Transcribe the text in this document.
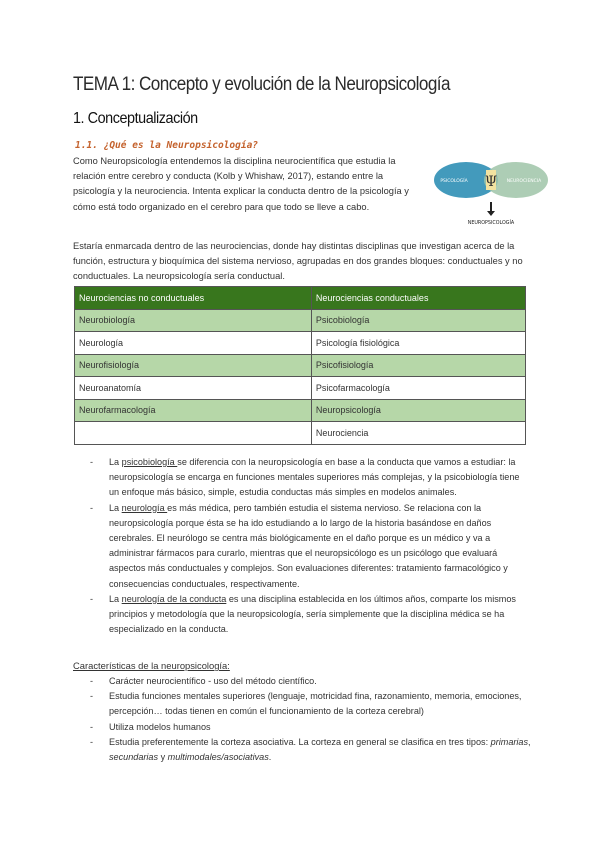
TEMA 1: Concepto y evolución de la Neuropsicología
1. Conceptualización
1.1. ¿Qué es la Neuropsicología?

Como Neuropsicología entendemos la disciplina neurocientífica que estudia la relación entre cerebro y conducta (Kolb y Whishaw, 2017), estando entre la psicología y la neurociencia. Intenta explicar la conducta dentro de la psicología y cómo está todo organizado en el cerebro para que todo se lleve a cabo.

Ψ
PSICOLOGÍA	NEUROCIENCIA
NEUROPSICOLOGÍA

Estaría enmarcada dentro de las neurociencias, donde hay distintas disciplinas que investigan acerca de la función, estructura y bioquímica del sistema nervioso, agrupadas en dos grandes bloques: conductuales y no conductuales. La neuropsicología sería conductual.

Neurociencias no conductuales	Neurociencias conductuales
Neurobiología	Psicobiología
Neurología	Psicología fisiológica
Neurofisiología	Psicofisiología
Neuroanatomía	Psicofarmacología
Neurofarmacología	Neuropsicología
	Neurociencia
- La psicobiología se diferencia con la neuropsicología en base a la conducta que vamos a estudiar: la neuropsicología se encarga en funciones mentales superiores más complejas, y la psicobiología tiene un enfoque más básico, simple, estudia conductas más simples en modelos animales.
- La neurología es más médica, pero también estudia el sistema nervioso. Se relaciona con la neuropsicología porque ésta se ha ido estudiando a lo largo de la historia basándose en daños cerebrales. El neurólogo se centra más biológicamente en el daño porque es un médico y va a administrar fármacos para curarlo, mientras que el neuropsicólogo es un psicólogo que evaluará aspectos más conductuales y complejos. Son evaluaciones diferentes: tratamiento farmacológico y consecuencias conductuales, respectivamente.
- La neurología de la conducta es una disciplina establecida en los últimos años, comparte los mismos principios y metodología que la neuropsicología, sería simplemente que la disciplina médica se ha especializado en la conducta.

Características de la neuropsicología:

- Carácter neurocientífico - uso del método científico.
- Estudia funciones mentales superiores (lenguaje, motricidad fina, razonamiento, memoria, emociones, percepción… todas tienen en común el funcionamiento de la corteza cerebral)
- Utiliza modelos humanos
- Estudia preferentemente la corteza asociativa. La corteza en general se clasifica en tres tipos: primarias, secundarias y multimodales/asociativas.
